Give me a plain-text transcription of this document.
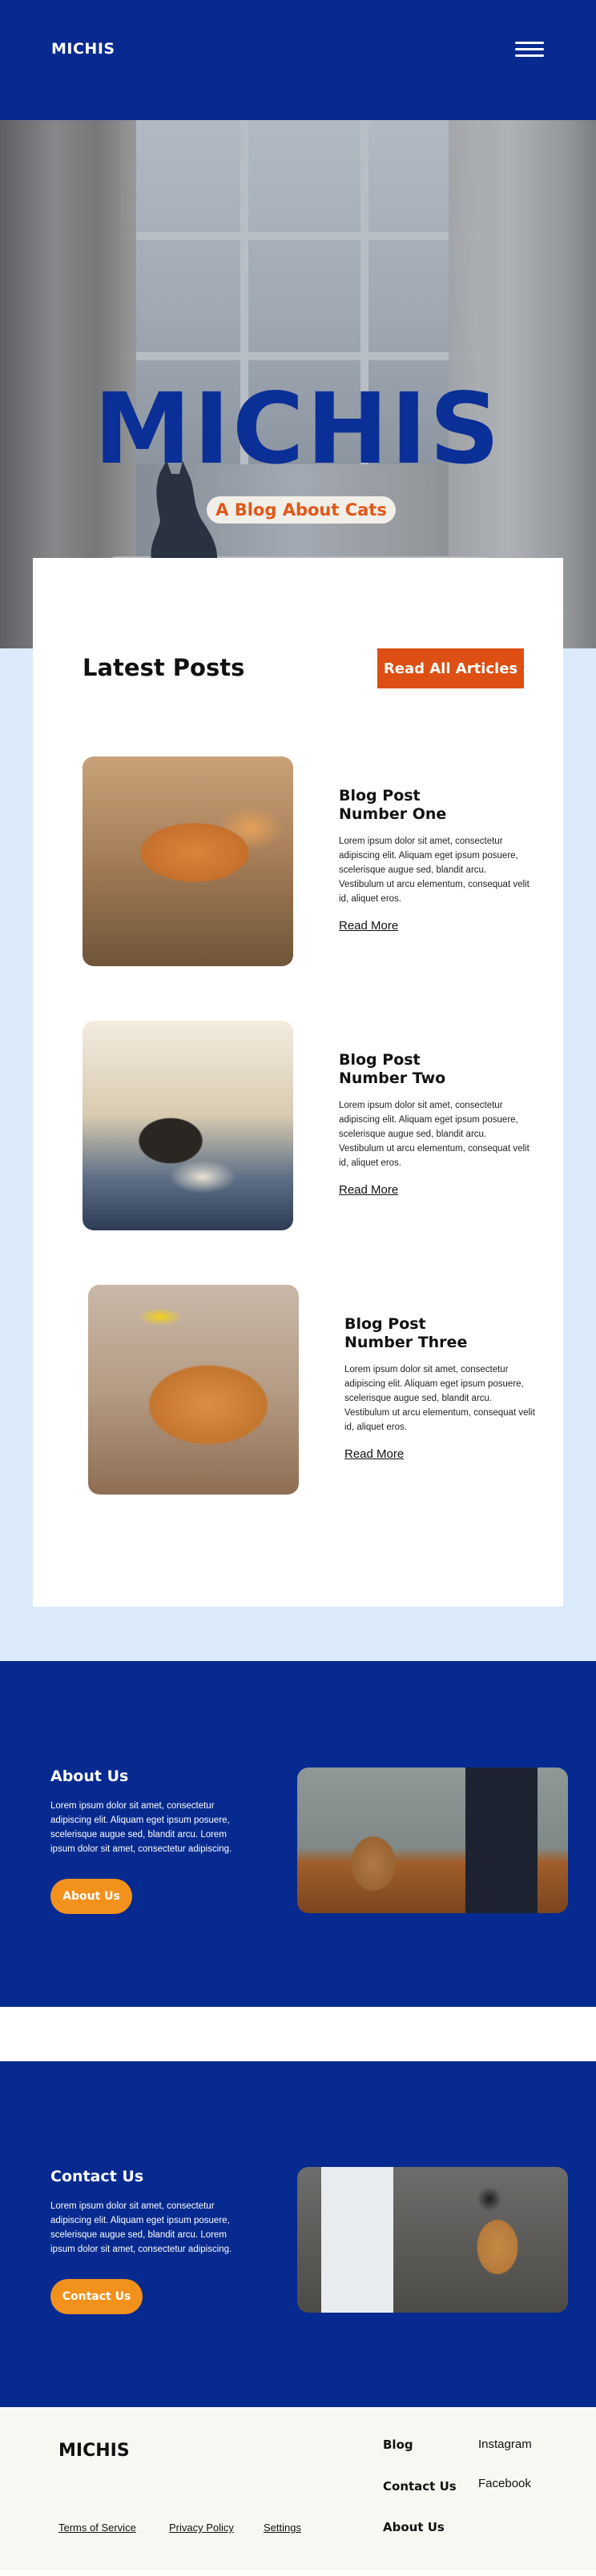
MICHIS
MICHIS
A Blog About Cats
Latest Posts	Read All Articles
Blog Post
Number One

Lorem ipsum dolor sit amet, consectetur adipiscing elit. Aliquam eget ipsum posuere, scelerisque augue sed, blandit arcu. Vestibulum ut arcu elementum, consequat velit id, aliquet eros.

Read More
Blog Post
Number Two

Lorem ipsum dolor sit amet, consectetur adipiscing elit. Aliquam eget ipsum posuere, scelerisque augue sed, blandit arcu. Vestibulum ut arcu elementum, consequat velit id, aliquet eros.

Read More
Blog Post
Number Three

Lorem ipsum dolor sit amet, consectetur adipiscing elit. Aliquam eget ipsum posuere, scelerisque augue sed, blandit arcu. Vestibulum ut arcu elementum, consequat velit id, aliquet eros.

Read More
About Us

Lorem ipsum dolor sit amet, consectetur adipiscing elit. Aliquam eget ipsum posuere, scelerisque augue sed, blandit arcu. Lorem ipsum dolor sit amet, consectetur adipiscing.

About Us
Contact Us

Lorem ipsum dolor sit amet, consectetur adipiscing elit. Aliquam eget ipsum posuere, scelerisque augue sed, blandit arcu. Lorem ipsum dolor sit amet, consectetur adipiscing.

Contact Us
MICHIS	Blog
Contact Us
About Us
Instagram
Facebook
Terms of Service	Privacy Policy	Settings
